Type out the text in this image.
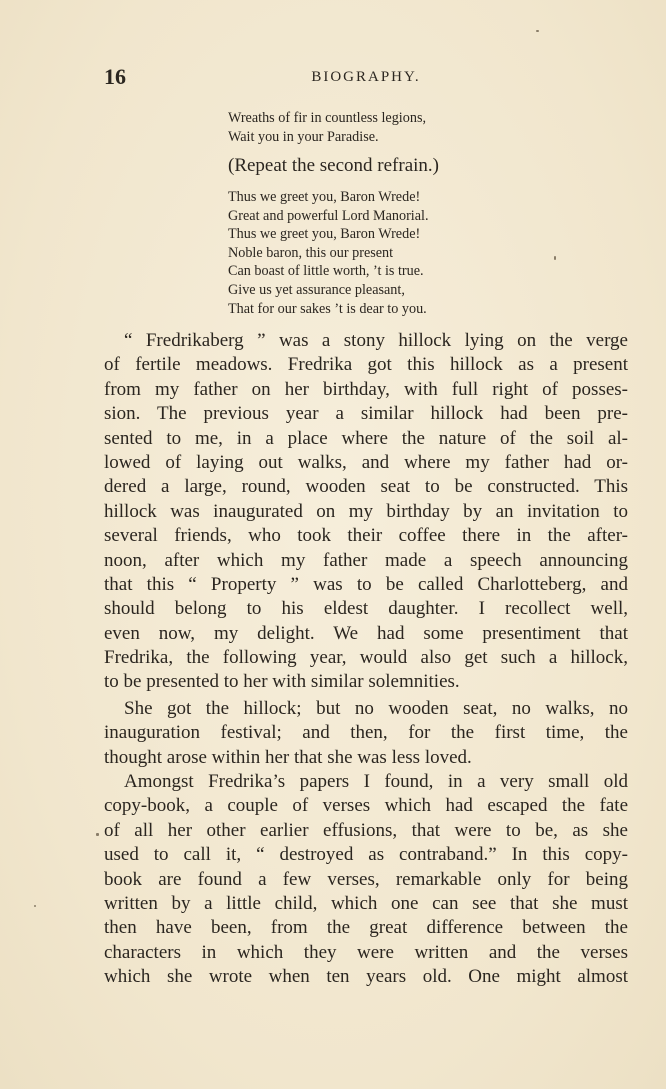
16	BIOGRAPHY.
Wreaths of fir in countless legions,
Wait you in your Paradise.
(Repeat the second refrain.)
Thus we greet you, Baron Wrede!
Great and powerful Lord Manorial.
Thus we greet you, Baron Wrede!
Noble baron, this our present
Can boast of little worth, ’t is true.
Give us yet assurance pleasant,
That for our sakes ’t is dear to you.
“ Fredrikaberg ” was a stony hillock lying on the verge
of fertile meadows. Fredrika got this hillock as a present
from my father on her birthday, with full right of posses-
sion. The previous year a similar hillock had been pre-
sented to me, in a place where the nature of the soil al-
lowed of laying out walks, and where my father had or-
dered a large, round, wooden seat to be constructed. This
hillock was inaugurated on my birthday by an invitation to
several friends, who took their coffee there in the after-
noon, after which my father made a speech announcing
that this “ Property ” was to be called Charlotteberg, and
should belong to his eldest daughter. I recollect well,
even now, my delight. We had some presentiment that
Fredrika, the following year, would also get such a hillock,
to be presented to her with similar solemnities.
She got the hillock; but no wooden seat, no walks, no
inauguration festival; and then, for the first time, the
thought arose within her that she was less loved.
Amongst Fredrika’s papers I found, in a very small old
copy-book, a couple of verses which had escaped the fate
of all her other earlier effusions, that were to be, as she
used to call it, “ destroyed as contraband.” In this copy-
book are found a few verses, remarkable only for being
written by a little child, which one can see that she must
then have been, from the great difference between the
characters in which they were written and the verses
which she wrote when ten years old. One might almost
